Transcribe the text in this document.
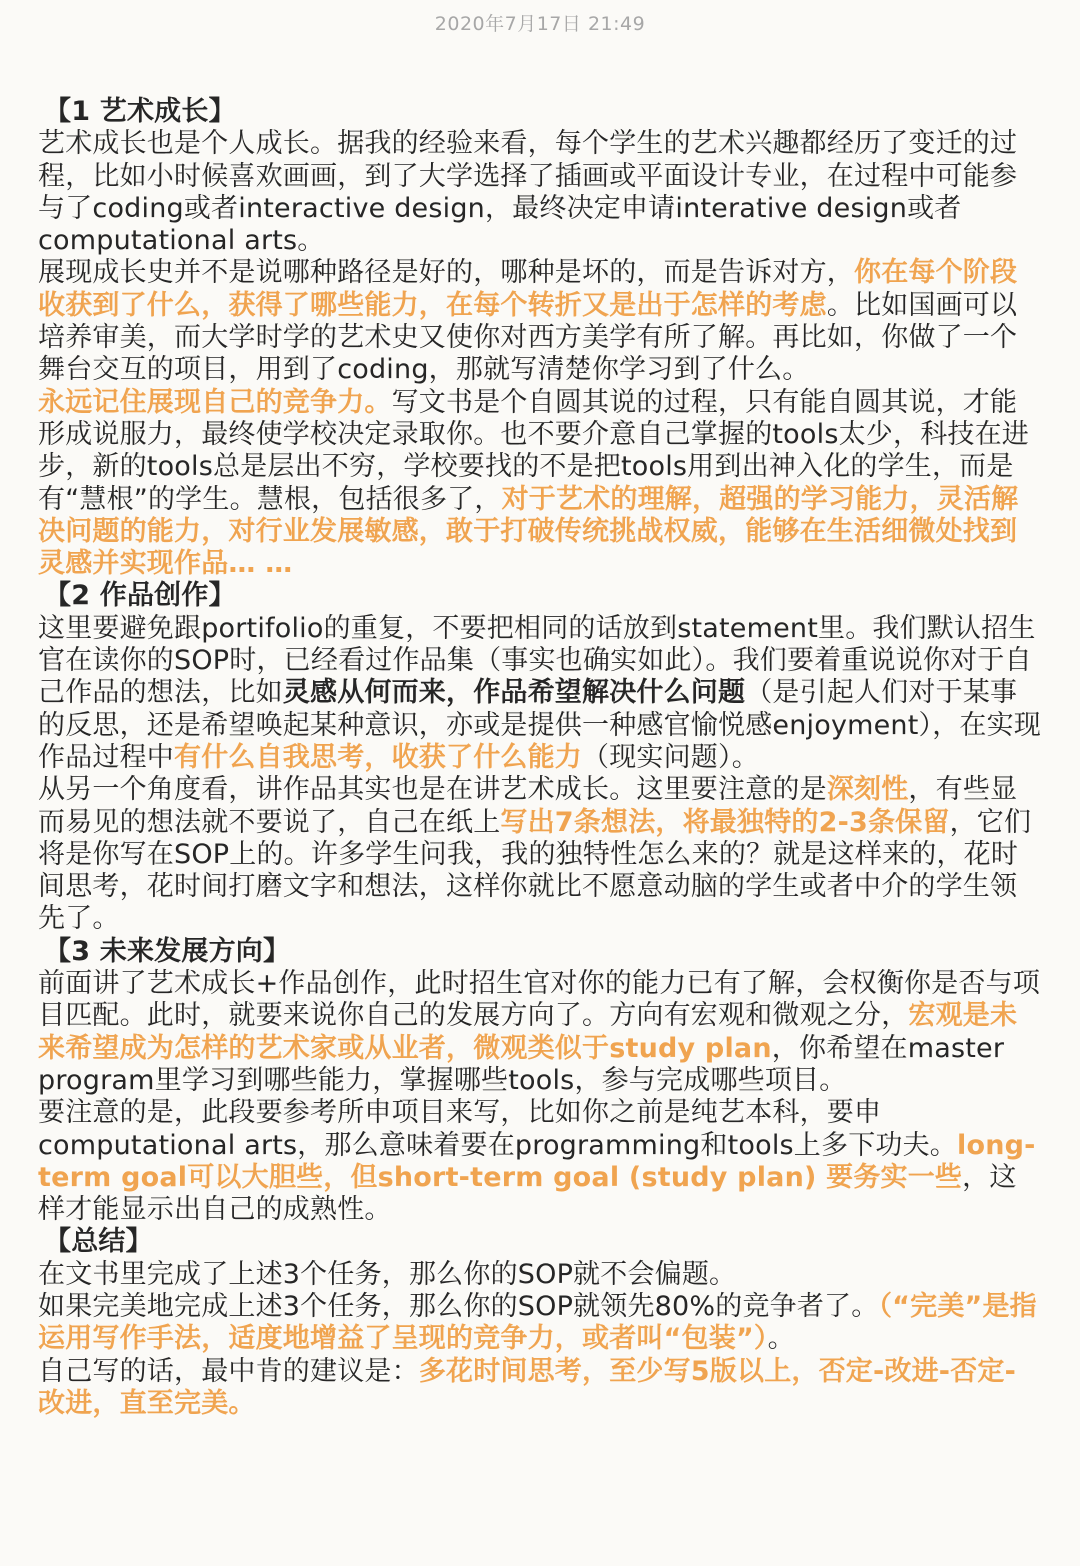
2020年7月17日 21:49
【1 艺术成长】
艺术成长也是个人成长。据我的经验来看，每个学生的艺术兴趣都经历了变迁的过程，比如小时候喜欢画画，到了大学选择了插画或平面设计专业，在过程中可能参与了coding或者interactive design，最终决定申请interative design或者computational arts。
展现成长史并不是说哪种路径是好的，哪种是坏的，而是告诉对方，你在每个阶段收获到了什么，获得了哪些能力，在每个转折又是出于怎样的考虑。比如国画可以培养审美，而大学时学的艺术史又使你对西方美学有所了解。再比如，你做了一个舞台交互的项目，用到了coding，那就写清楚你学习到了什么。
永远记住展现自己的竞争力。写文书是个自圆其说的过程，只有能自圆其说，才能形成说服力，最终使学校决定录取你。也不要介意自己掌握的tools太少，科技在进步，新的tools总是层出不穷，学校要找的不是把tools用到出神入化的学生，而是有“慧根”的学生。慧根，包括很多了，对于艺术的理解，超强的学习能力，灵活解决问题的能力，对行业发展敏感，敢于打破传统挑战权威，能够在生活细微处找到灵感并实现作品… …
【2 作品创作】
这里要避免跟portifolio的重复，不要把相同的话放到statement里。我们默认招生官在读你的SOP时，已经看过作品集（事实也确实如此）。我们要着重说说你对于自己作品的想法，比如灵感从何而来，作品希望解决什么问题（是引起人们对于某事的反思，还是希望唤起某种意识，亦或是提供一种感官愉悦感enjoyment），在实现作品过程中有什么自我思考，收获了什么能力（现实问题）。
从另一个角度看，讲作品其实也是在讲艺术成长。这里要注意的是深刻性，有些显而易见的想法就不要说了，自己在纸上写出7条想法，将最独特的2-3条保留，它们将是你写在SOP上的。许多学生问我，我的独特性怎么来的？就是这样来的，花时间思考，花时间打磨文字和想法，这样你就比不愿意动脑的学生或者中介的学生领先了。
【3 未来发展方向】
前面讲了艺术成长+作品创作，此时招生官对你的能力已有了解，会权衡你是否与项目匹配。此时，就要来说你自己的发展方向了。方向有宏观和微观之分，宏观是未来希望成为怎样的艺术家或从业者，微观类似于study plan，你希望在master program里学习到哪些能力，掌握哪些tools，参与完成哪些项目。
要注意的是，此段要参考所申项目来写，比如你之前是纯艺本科，要申computational arts，那么意味着要在programming和tools上多下功夫。long-term goal可以大胆些，但short-term goal (study plan) 要务实一些，这样才能显示出自己的成熟性。
【总结】
在文书里完成了上述3个任务，那么你的SOP就不会偏题。
如果完美地完成上述3个任务，那么你的SOP就领先80%的竞争者了。（“完美”是指运用写作手法，适度地增益了呈现的竞争力，或者叫“包装”）。
自己写的话，最中肯的建议是：多花时间思考，至少写5版以上，否定-改进-否定-改进，直至完美。
